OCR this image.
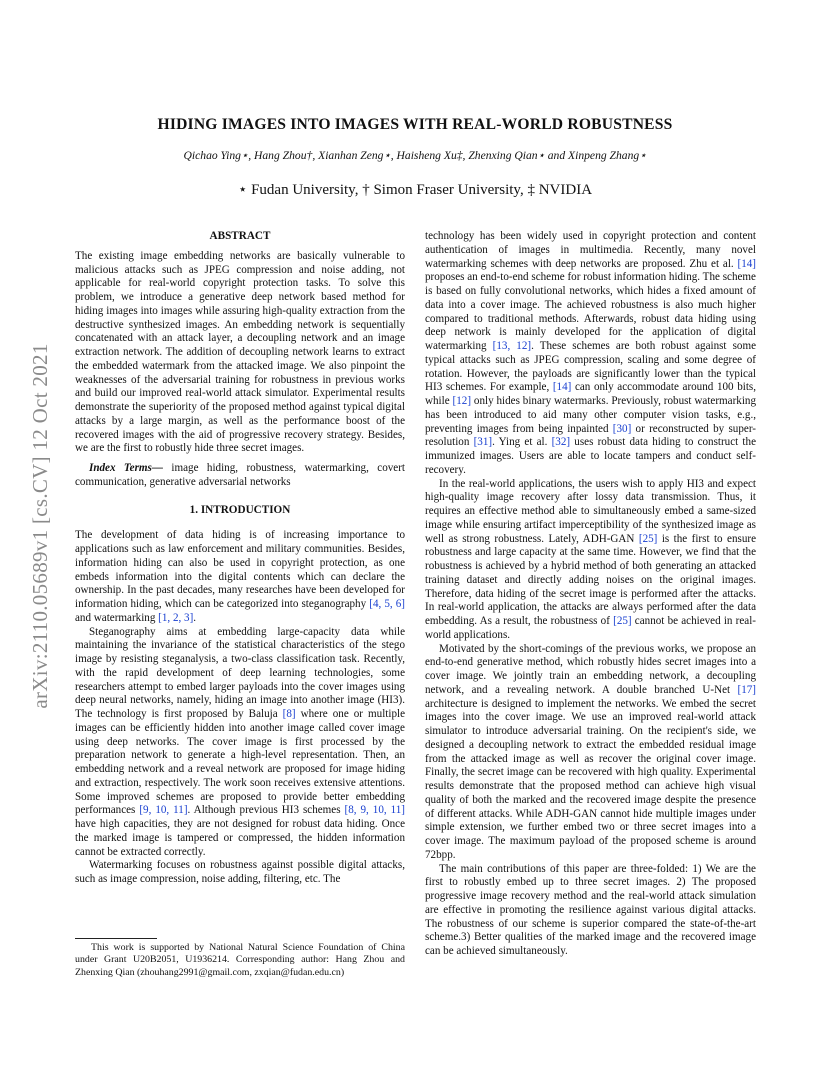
arXiv:2110.05689v1 [cs.CV] 12 Oct 2021
HIDING IMAGES INTO IMAGES WITH REAL-WORLD ROBUSTNESS
Qichao Ying⋆, Hang Zhou†, Xianhan Zeng⋆, Haisheng Xu‡, Zhenxing Qian⋆ and Xinpeng Zhang⋆
⋆ Fudan University, † Simon Fraser University, ‡ NVIDIA
ABSTRACT

The existing image embedding networks are basically vulnerable to malicious attacks such as JPEG compression and noise adding, not applicable for real-world copyright protection tasks. To solve this problem, we introduce a generative deep network based method for hiding images into images while assuring high-quality extraction from the destructive synthesized images. An embedding network is sequentially concatenated with an attack layer, a decoupling network and an image extraction network. The addition of decoupling network learns to extract the embedded watermark from the attacked image. We also pinpoint the weaknesses of the adversarial training for robustness in previous works and build our improved real-world attack simulator. Experimental results demonstrate the superiority of the proposed method against typical digital attacks by a large margin, as well as the performance boost of the recovered images with the aid of progressive recovery strategy. Besides, we are the first to robustly hide three secret images.

Index Terms— image hiding, robustness, watermarking, covert communication, generative adversarial networks

1. INTRODUCTION

The development of data hiding is of increasing importance to applications such as law enforcement and military communities. Besides, information hiding can also be used in copyright protection, as one embeds information into the digital contents which can declare the ownership. In the past decades, many researches have been developed for information hiding, which can be categorized into steganography [4, 5, 6] and watermarking [1, 2, 3].

Steganography aims at embedding large-capacity data while maintaining the invariance of the statistical characteristics of the stego image by resisting steganalysis, a two-class classification task. Recently, with the rapid development of deep learning technologies, some researchers attempt to embed larger payloads into the cover images using deep neural networks, namely, hiding an image into another image (HI3). The technology is first proposed by Baluja [8] where one or multiple images can be efficiently hidden into another image called cover image using deep networks. The cover image is first processed by the preparation network to generate a high-level representation. Then, an embedding network and a reveal network are proposed for image hiding and extraction, respectively. The work soon receives extensive attentions. Some improved schemes are proposed to provide better embedding performances [9, 10, 11]. Although previous HI3 schemes [8, 9, 10, 11] have high capacities, they are not designed for robust data hiding. Once the marked image is tampered or compressed, the hidden information cannot be extracted correctly.

Watermarking focuses on robustness against possible digital attacks, such as image compression, noise adding, filtering, etc. The

technology has been widely used in copyright protection and content authentication of images in multimedia. Recently, many novel watermarking schemes with deep networks are proposed. Zhu et al. [14] proposes an end-to-end scheme for robust information hiding. The scheme is based on fully convolutional networks, which hides a fixed amount of data into a cover image. The achieved robustness is also much higher compared to traditional methods. Afterwards, robust data hiding using deep network is mainly developed for the application of digital watermarking [13, 12]. These schemes are both robust against some typical attacks such as JPEG compression, scaling and some degree of rotation. However, the payloads are significantly lower than the typical HI3 schemes. For example, [14] can only accommodate around 100 bits, while [12] only hides binary watermarks. Previously, robust watermarking has been introduced to aid many other computer vision tasks, e.g., preventing images from being inpainted [30] or reconstructed by super-resolution [31]. Ying et al. [32] uses robust data hiding to construct the immunized images. Users are able to locate tampers and conduct self-recovery.

In the real-world applications, the users wish to apply HI3 and expect high-quality image recovery after lossy data transmission. Thus, it requires an effective method able to simultaneously embed a same-sized image while ensuring artifact imperceptibility of the synthesized image as well as strong robustness. Lately, ADH-GAN [25] is the first to ensure robustness and large capacity at the same time. However, we find that the robustness is achieved by a hybrid method of both generating an attacked training dataset and directly adding noises on the original images. Therefore, data hiding of the secret image is performed after the attacks. In real-world application, the attacks are always performed after the data embedding. As a result, the robustness of [25] cannot be achieved in real-world applications.

Motivated by the short-comings of the previous works, we propose an end-to-end generative method, which robustly hides secret images into a cover image. We jointly train an embedding network, a decoupling network, and a revealing network. A double branched U-Net [17] architecture is designed to implement the networks. We embed the secret images into the cover image. We use an improved real-world attack simulator to introduce adversarial training. On the recipient's side, we designed a decoupling network to extract the embedded residual image from the attacked image as well as recover the original cover image. Finally, the secret image can be recovered with high quality. Experimental results demonstrate that the proposed method can achieve high visual quality of both the marked and the recovered image despite the presence of different attacks. While ADH-GAN cannot hide multiple images under simple extension, we further embed two or three secret images into a cover image. The maximum payload of the proposed scheme is around 72bpp.

The main contributions of this paper are three-folded: 1) We are the first to robustly embed up to three secret images. 2) The proposed progressive image recovery method and the real-world attack simulation are effective in promoting the resilience against various digital attacks. The robustness of our scheme is superior compared the state-of-the-art scheme.3) Better qualities of the marked image and the recovered image can be achieved simultaneously.

This work is supported by National Natural Science Foundation of China under Grant U20B2051, U1936214. Corresponding author: Hang Zhou and Zhenxing Qian (zhouhang2991@gmail.com, zxqian@fudan.edu.cn)
